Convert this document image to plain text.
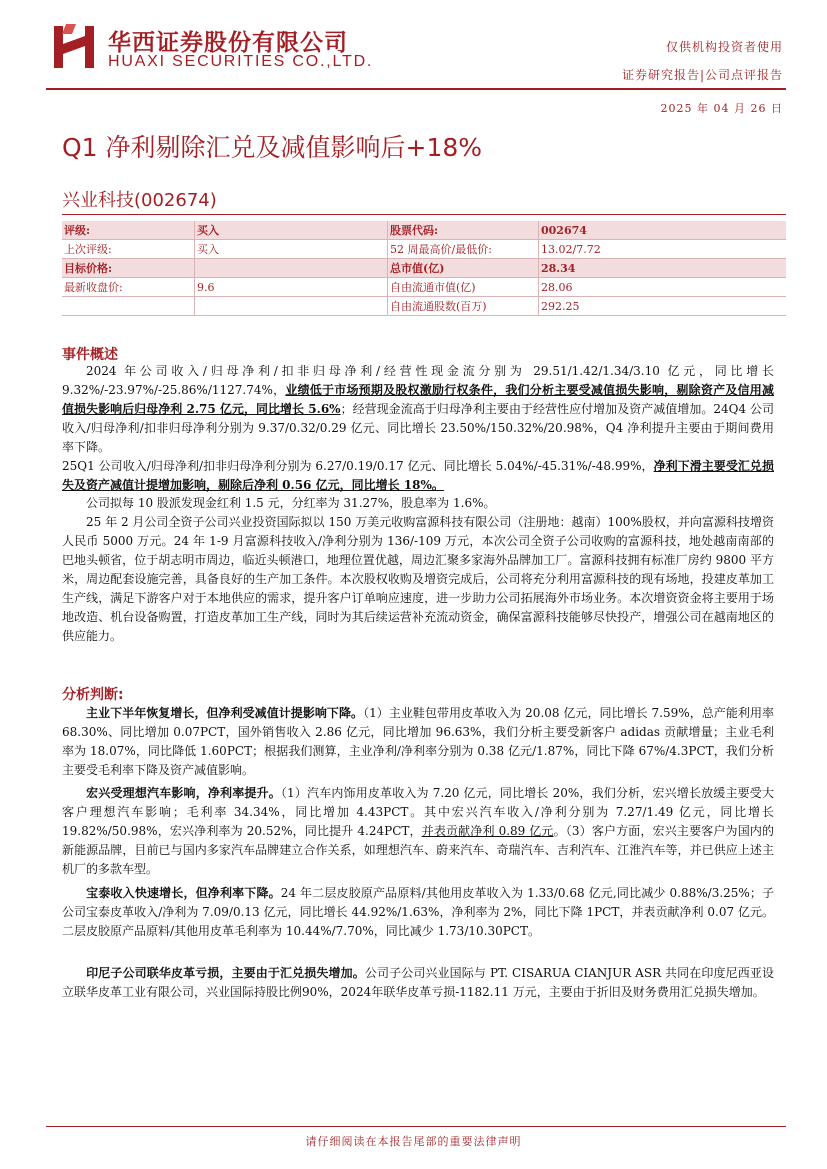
华西证券股份有限公司
HUAXI SECURITIES CO.,LTD.
仅供机构投资者使用
证券研究报告|公司点评报告
2025 年 04 月 26 日
Q1 净利剔除汇兑及减值影响后+18%
兴业科技(002674)
评级:	买入	股票代码:	002674
上次评级:	买入	52 周最高价/最低价:	13.02/7.72
目标价格:		总市值(亿)	28.34
最新收盘价:	9.6	自由流通市值(亿)	28.06
		自由流通股数(百万)	292.25
事件概述

2024 年公司收入/归母净利/扣非归母净利/经营性现金流分别为 29.51/1.42/1.34/3.10 亿元，同比增长 9.32%/-23.97%/-25.86%/1127.74%，业绩低于市场预期及股权激励行权条件，我们分析主要受减值损失影响，剔除资产及信用减值损失影响后归母净利 2.75 亿元，同比增长 5.6%；经营现金流高于归母净利主要由于经营性应付增加及资产减值增加。24Q4 公司收入/归母净利/扣非归母净利分别为 9.37/0.32/0.29 亿元、同比增长 23.50%/150.32%/20.98%，Q4 净利提升主要由于期间费用率下降。

25Q1 公司收入/归母净利/扣非归母净利分别为 6.27/0.19/0.17 亿元、同比增长 5.04%/-45.31%/-48.99%，净利下滑主要受汇兑损失及资产减值计提增加影响，剔除后净利 0.56 亿元，同比增长 18%。

公司拟每 10 股派发现金红利 1.5 元，分红率为 31.27%，股息率为 1.6%。

25 年 2 月公司全资子公司兴业投资国际拟以 150 万美元收购富源科技有限公司（注册地：越南）100%股权，并向富源科技增资人民币 5000 万元。24 年 1-9 月富源科技收入/净利分别为 136/-109 万元，本次公司全资子公司收购的富源科技，地处越南南部的巴地头顿省，位于胡志明市周边，临近头顿港口，地理位置优越，周边汇聚多家海外品牌加工厂。富源科技拥有标准厂房约 9800 平方米，周边配套设施完善，具备良好的生产加工条件。本次股权收购及增资完成后，公司将充分利用富源科技的现有场地，投建皮革加工生产线，满足下游客户对于本地供应的需求，提升客户订单响应速度，进一步助力公司拓展海外市场业务。本次增资资金将主要用于场地改造、机台设备购置，打造皮革加工生产线，同时为其后续运营补充流动资金，确保富源科技能够尽快投产，增强公司在越南地区的供应能力。

分析判断:

主业下半年恢复增长，但净利受减值计提影响下降。（1）主业鞋包带用皮革收入为 20.08 亿元，同比增长 7.59%，总产能利用率 68.30%、同比增加 0.07PCT，国外销售收入 2.86 亿元，同比增加 96.63%，我们分析主要受新客户 adidas 贡献增量；主业毛利率为 18.07%，同比降低 1.60PCT；根据我们测算，主业净利/净利率分别为 0.38 亿元/1.87%，同比下降 67%/4.3PCT，我们分析主要受毛利率下降及资产减值影响。

宏兴受理想汽车影响，净利率提升。（1）汽车内饰用皮革收入为 7.20 亿元，同比增长 20%，我们分析，宏兴增长放缓主要受大客户理想汽车影响；毛利率 34.34%，同比增加 4.43PCT。其中宏兴汽车收入/净利分别为 7.27/1.49 亿元，同比增长 19.82%/50.98%，宏兴净利率为 20.52%，同比提升 4.24PCT，并表贡献净利 0.89 亿元。（3）客户方面，宏兴主要客户为国内的新能源品牌，目前已与国内多家汽车品牌建立合作关系，如理想汽车、蔚来汽车、奇瑞汽车、吉利汽车、江淮汽车等，并已供应上述主机厂的多款车型。

宝泰收入快速增长，但净利率下降。24 年二层皮胶原产品原料/其他用皮革收入为 1.33/0.68 亿元,同比减少 0.88%/3.25%；子公司宝泰皮革收入/净利为 7.09/0.13 亿元，同比增长 44.92%/1.63%，净利率为 2%，同比下降 1PCT，并表贡献净利 0.07 亿元。二层皮胶原产品原料/其他用皮革毛利率为 10.44%/7.70%，同比减少 1.73/10.30PCT。

印尼子公司联华皮革亏损，主要由于汇兑损失增加。公司子公司兴业国际与 PT. CISARUA CIANJUR ASR 共同在印度尼西亚设立联华皮革工业有限公司，兴业国际持股比例90%，2024年联华皮革亏损-1182.11 万元，主要由于折旧及财务费用汇兑损失增加。

请仔细阅读在本报告尾部的重要法律声明
